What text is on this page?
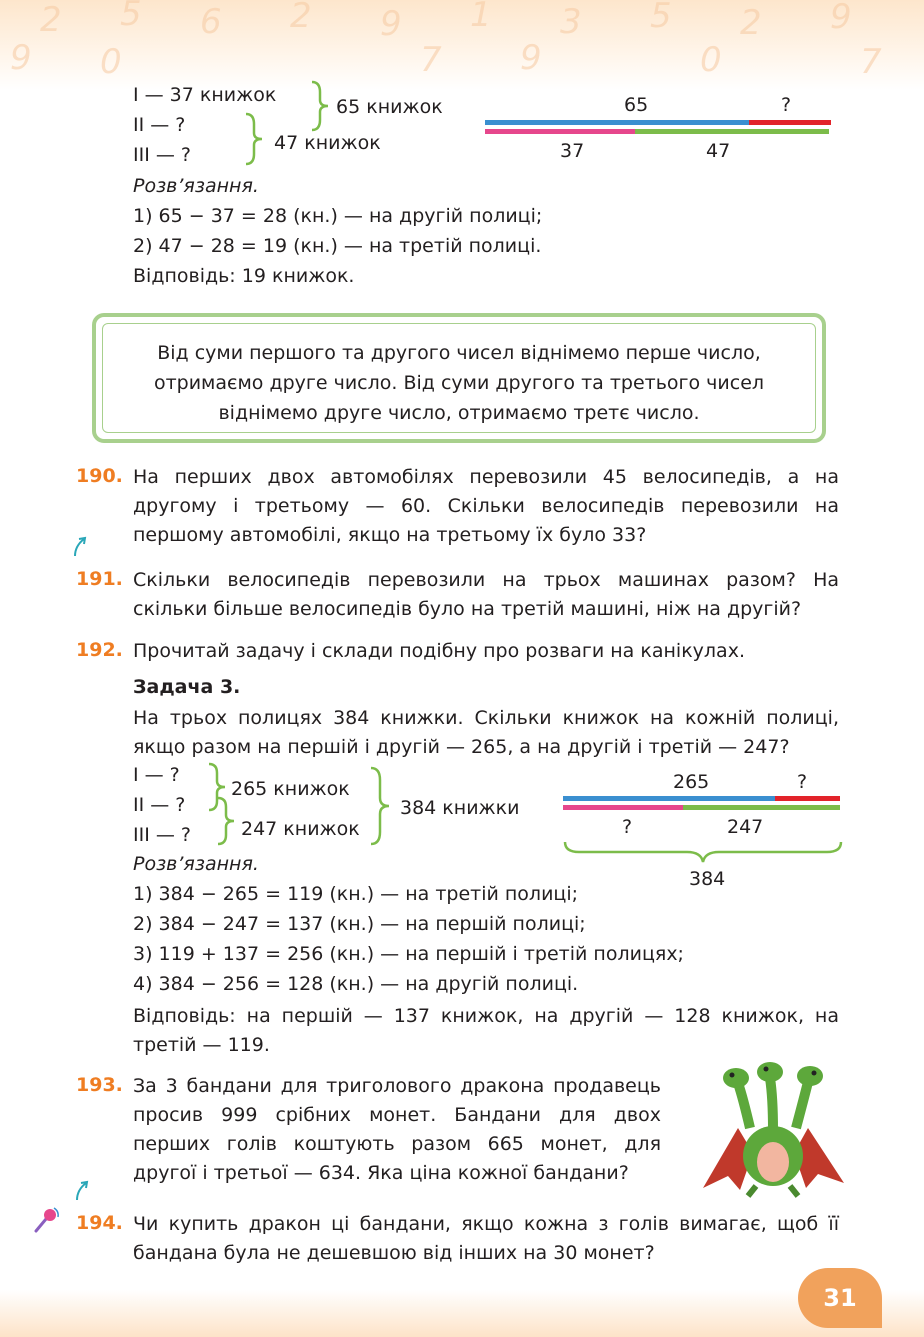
2 5 6 2 9 1 3 5 2 9
9 0	7 9	0	7
І — 37 книжок
ІІ — ?
ІІІ — ?
65 книжок
47 книжок
65	?
37	47
Розв’язання.
1) 65 − 37 = 28 (кн.) — на другій полиці;
2) 47 − 28 = 19 (кн.) — на третій полиці.
Відповідь: 19 книжок.
Від суми першого та другого чисел віднімемо перше число,
отримаємо друге число. Від суми другого та третього чисел
віднімемо друге число, отримаємо третє число.
190. На перших двох автомобілях перевозили 45 велосипедів, а на другому і третьому — 60. Скільки велосипедів перевозили на першому автомобілі, якщо на третьому їх було 33?
191. Скільки велосипедів перевозили на трьох машинах разом? На скільки більше велосипедів було на третій машині, ніж на другій?
192. Прочитай задачу і склади подібну про розваги на канікулах.
Задача 3.
На трьох полицях 384 книжки. Скільки книжок на кожній полиці, якщо разом на першій і другій — 265, а на другій і третій — 247?
І — ?
ІІ — ?
ІІІ — ?
265 книжок
247 книжок
384 книжки
265	?
?	247
384
Розв’язання.
1) 384 − 265 = 119 (кн.) — на третій полиці;
2) 384 − 247 = 137 (кн.) — на першій полиці;
3) 119 + 137 = 256 (кн.) — на першій і третій полицях;
4) 384 − 256 = 128 (кн.) — на другій полиці.
Відповідь: на першій — 137 книжок, на другій — 128 книжок, на третій — 119.
193. За 3 бандани для триголового дракона продавець просив 999 срібних монет. Бандани для двох перших голів коштують разом 665 монет, для другої і третьої — 634. Яка ціна кожної бандани?
194. Чи купить дракон ці бандани, якщо кожна з голів вимагає, щоб її бандана була не дешевшою від інших на 30 монет?
31
